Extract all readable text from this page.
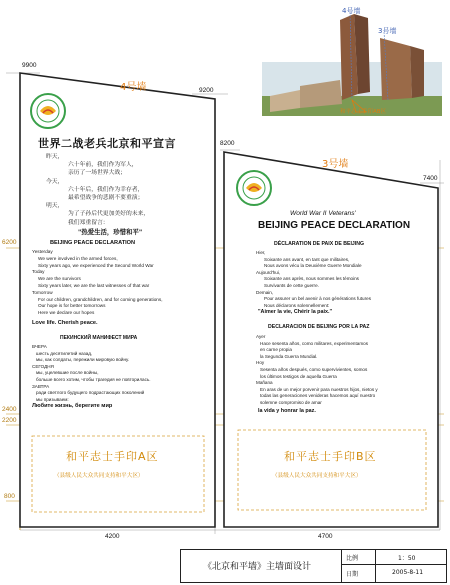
9900
9200
8200
7400
6200
2400
2200
800
4200	4700
4号墙
3号墙
4号墙
3号墙
和平志士手印AB区
世界二战老兵北京和平宣言
昨天，
六十年前，我们作为军人，
亲历了一场世界大战；
今天，
六十年后，我们作为幸存者，
最希望战争的悲剧不要重演；
明天，
为了子孙后代更加美好的未来，
我们郑重留言：
"热爱生活，珍惜和平"
BEIJING PEACE DECLARATION
Yesterday
We were involved in the armed forces,
Sixty years ago, we experienced the Second World War
Today
We are the survivors
Sixty years later, we are the last witnesses of that war
Tomorrow
For our children, grandchildren, and for coming generations,
Our hope is for better tomorrows
Here we declare our hopes
Love life. Cherish peace.
ПЕКИНСКИЙ МАНИФЕСТ МИРА
ВЧЕРА
шесть десятилетий назад,
мы, как солдаты, пережили мировую войну.
СЕГОДНЯ
мы, уцелевшие после войны,
больше всего хотим, чтобы трагедия не повторилась.
ЗАВТРА
ради светлого будущего подрастающих поколений
мы призываем:
Любите жизнь, берегите мир
和平志士手印A区
（县级人民大众共同支持和平大区）
World War II Veterans'
BEIJING PEACE DECLARATION
DÉCLARATION DE PAIX DE BEIJING
Hier,
Soixante ans avant, en tant que militaires,
Nous avons vécu la Deuxième Guerre Mondiale
Aujourd'hui,
Soixante ans après, nous sommes les témoins
Survivants de cette guerre.
Demain,
Pour assurer un bel avenir à nos générations futures
Nous déclarons solennellement:
"Aimer la vie, Chérir la paix."
DECLARACION DE BEIJING POR LA PAZ
Ayer
Hace sesenta años, como militares, experimentamos
en carne propia
la Segunda Guerra Mundial.
Hoy
Sesenta años después, como supervivientes, somos
los últimos testigos de aquella Guerra
Mañana
En aras de un mejor porvenir para nuestros hijos, nietos y
todas las generaciones venideras hacemos aquí nuestro
solemne compromiso de amar
la vida y honrar la paz.
和平志士手印B区
（县级人民大众共同支持和平大区）
《北京和平墙》主墙面设计
比例	1：50
日期	2005-8-11
